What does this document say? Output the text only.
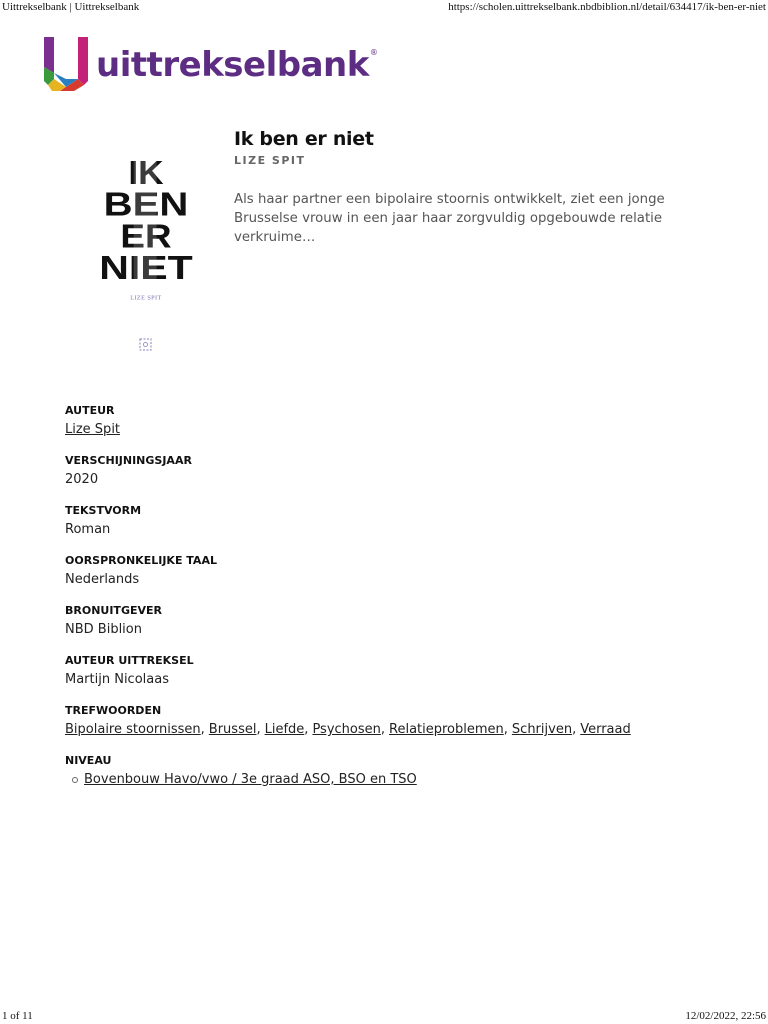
Uittrekselbank | Uittrekselbank	https://scholen.uittrekselbank.nbdbiblion.nl/detail/634417/ik-ben-er-niet
uittrekselbank ®
IK
BEN
ER
NIET
LIZE SPIT
Ik ben er niet
LIZE SPIT

Als haar partner een bipolaire stoornis ontwikkelt, ziet een jonge Brusselse vrouw in een jaar haar zorgvuldig opgebouwde relatie verkruime…

AUTEUR
Lize Spit
VERSCHIJNINGSJAAR
2020
TEKSTVORM
Roman
OORSPRONKELIJKE TAAL
Nederlands
BRONUITGEVER
NBD Biblion
AUTEUR UITTREKSEL
Martijn Nicolaas
TREFWOORDEN
Bipolaire stoornissen, Brussel, Liefde, Psychosen, Relatieproblemen, Schrijven, Verraad
NIVEAU
Bovenbouw Havo/vwo / 3e graad ASO, BSO en TSO
1 of 11	12/02/2022, 22:56
